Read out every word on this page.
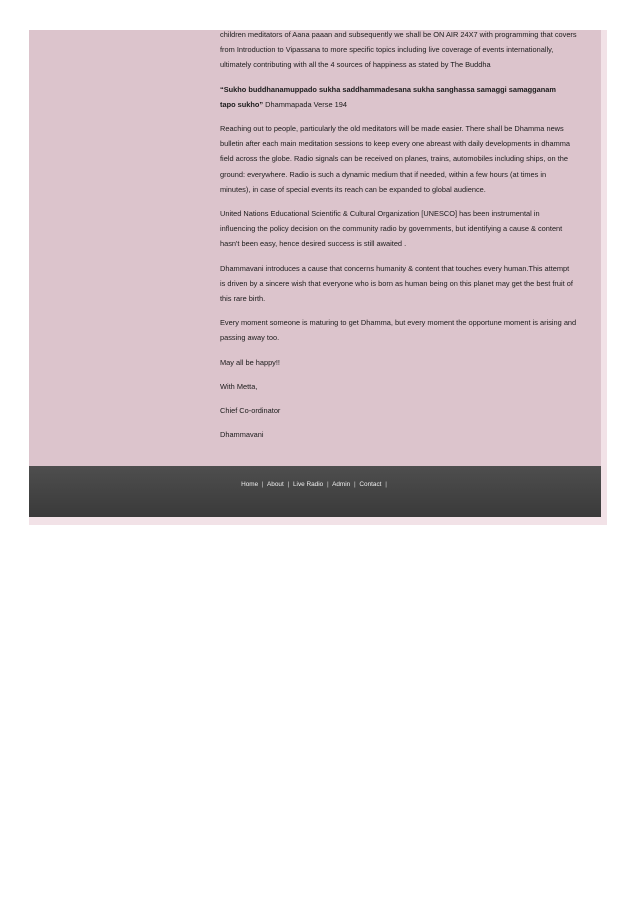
children meditators of Aana paaan and subsequently we shall be ON AIR 24X7 with programming that covers
from Introduction to Vipassana to more specific topics including live coverage of events internationally,
ultimately contributing with all the 4 sources of happiness as stated by The Buddha

“Sukho buddhanamuppado sukha saddhammadesana sukha sanghassa samaggi samagganam
tapo sukho” Dhammapada Verse 194

Reaching out to people, particularly the old meditators will be made easier. There shall be Dhamma news
bulletin after each main meditation sessions to keep every one abreast with daily developments in dhamma
field across the globe. Radio signals can be received on planes, trains, automobiles including ships, on the
ground: everywhere. Radio is such a dynamic medium that if needed, within a few hours (at times in
minutes), in case of special events its reach can be expanded to global audience.

United Nations Educational Scientific & Cultural Organization [UNESCO] has been instrumental in
influencing the policy decision on the community radio by governments, but identifying a cause & content
hasn't been easy, hence desired success is still awaited .

Dhammavani introduces a cause that concerns humanity & content that touches every human.This attempt
is driven by a sincere wish that everyone who is born as human being on this planet may get the best fruit of
this rare birth.

Every moment someone is maturing to get Dhamma, but every moment the opportune moment is arising and
passing away too.

May all be happy!!

With Metta,

Chief Co-ordinator

Dhammavani

Home | About | Live Radio | Admin | Contact |
